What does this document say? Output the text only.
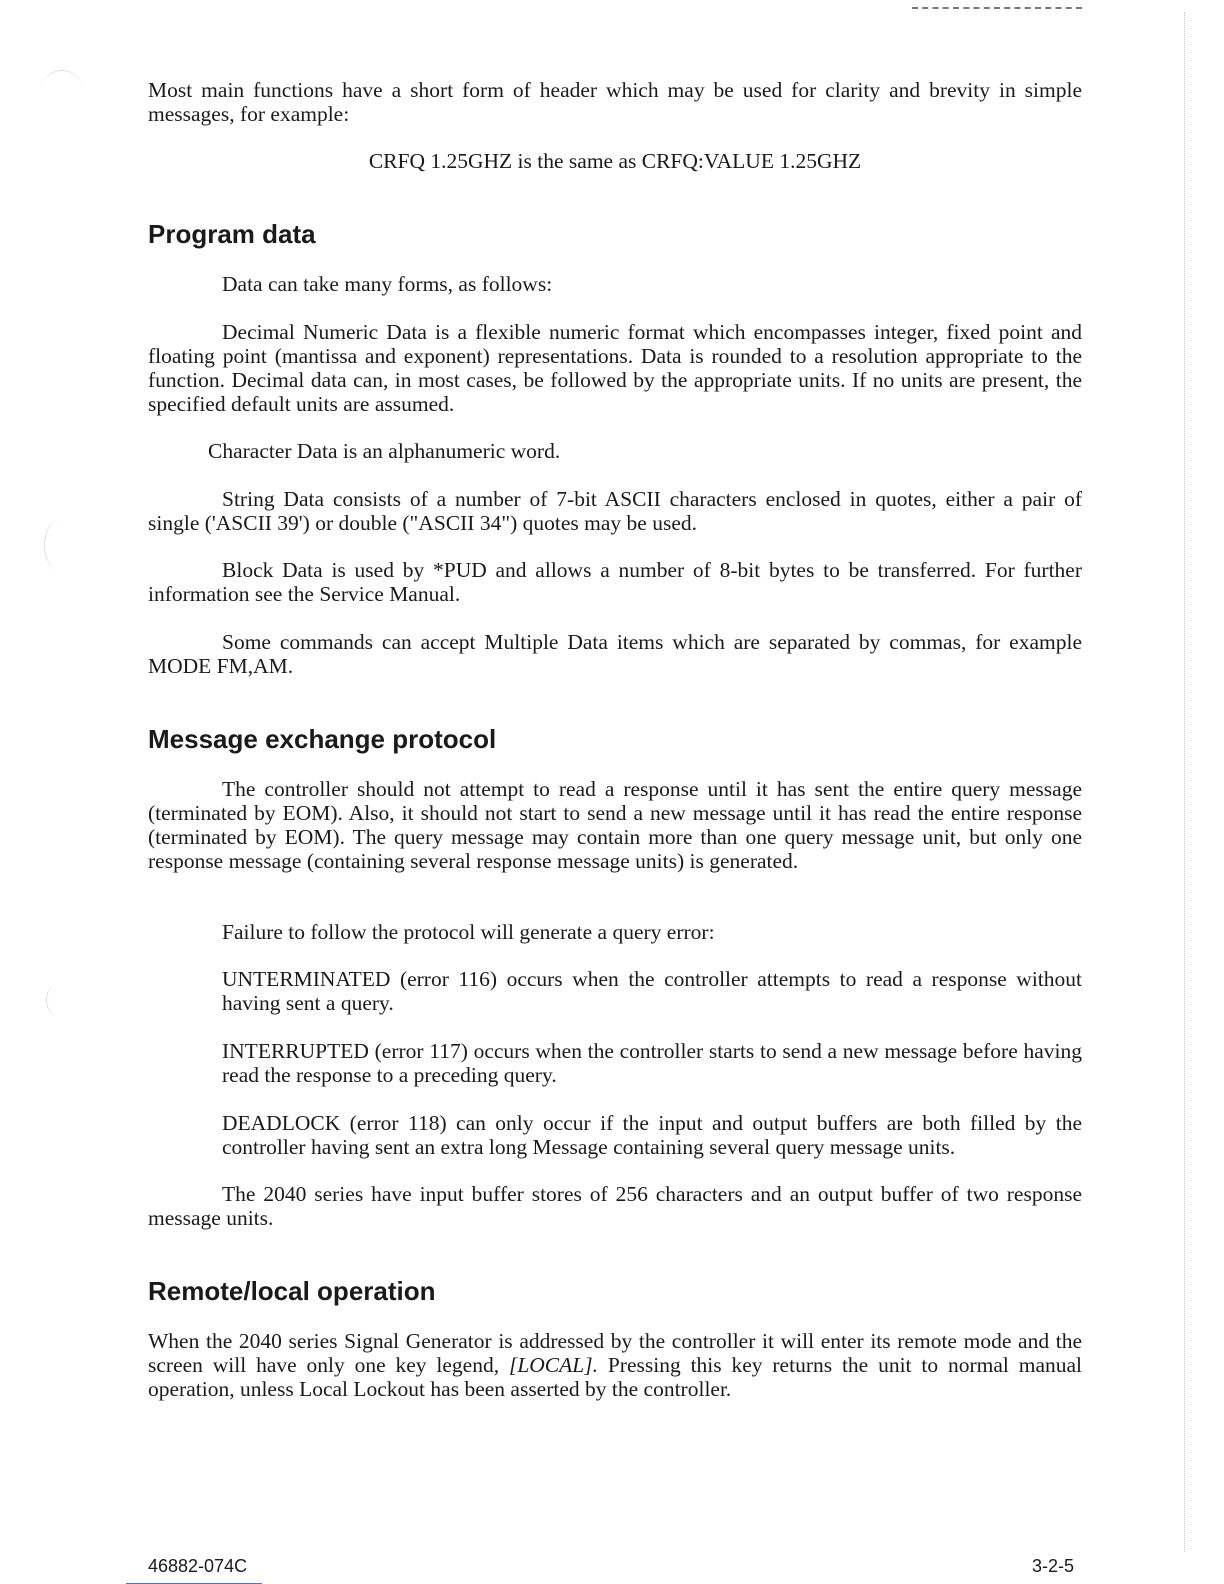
Most main functions have a short form of header which may be used for clarity and brevity in simple messages, for example:

CRFQ 1.25GHZ is the same as CRFQ:VALUE 1.25GHZ

Program data

Data can take many forms, as follows:

Decimal Numeric Data is a flexible numeric format which encompasses integer, fixed point and floating point (mantissa and exponent) representations. Data is rounded to a resolution appropriate to the function. Decimal data can, in most cases, be followed by the appropriate units. If no units are present, the specified default units are assumed.

Character Data is an alphanumeric word.

String Data consists of a number of 7-bit ASCII characters enclosed in quotes, either a pair of single ('ASCII 39') or double ("ASCII 34") quotes may be used.

Block Data is used by *PUD and allows a number of 8-bit bytes to be transferred. For further information see the Service Manual.

Some commands can accept Multiple Data items which are separated by commas, for example MODE FM,AM.

Message exchange protocol

The controller should not attempt to read a response until it has sent the entire query message (terminated by EOM). Also, it should not start to send a new message until it has read the entire response (terminated by EOM). The query message may contain more than one query message unit, but only one response message (containing several response message units) is generated.

Failure to follow the protocol will generate a query error:

UNTERMINATED (error 116) occurs when the controller attempts to read a response without having sent a query.

INTERRUPTED (error 117) occurs when the controller starts to send a new message before having read the response to a preceding query.

DEADLOCK (error 118) can only occur if the input and output buffers are both filled by the controller having sent an extra long Message containing several query message units.

The 2040 series have input buffer stores of 256 characters and an output buffer of two response message units.

Remote/local operation

When the 2040 series Signal Generator is addressed by the controller it will enter its remote mode and the screen will have only one key legend, [LOCAL]. Pressing this key returns the unit to normal manual operation, unless Local Lockout has been asserted by the controller.

46882-074C	3-2-5
